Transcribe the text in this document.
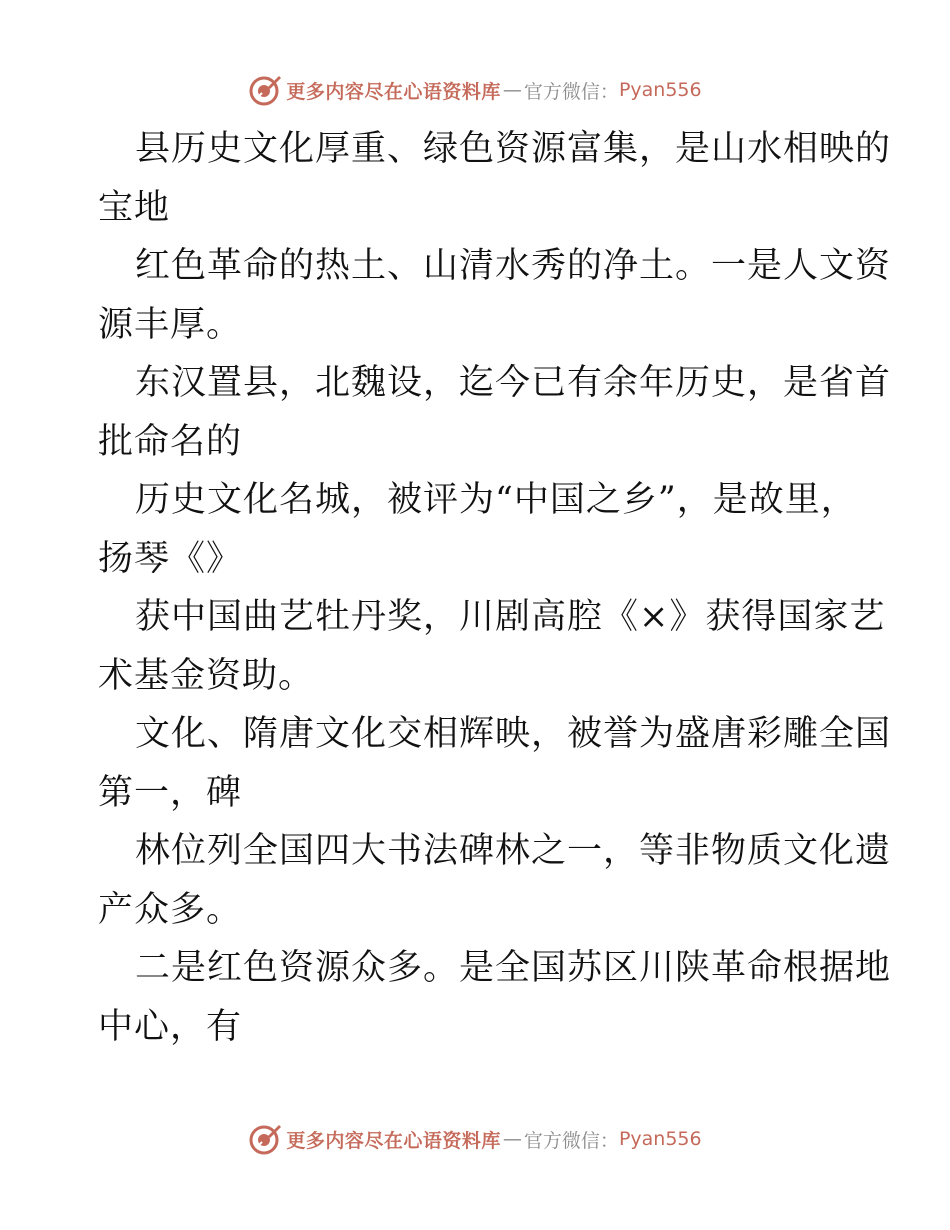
更多内容尽在心语资料库 — 官方微信： Pyan556

县历史文化厚重、绿色资源富集，是山水相映的
宝地

红色革命的热土、山清水秀的净土。一是人文资
源丰厚。

东汉置县，北魏设，迄今已有余年历史，是省首
批命名的

历史文化名城，被评为“中国之乡”，是故里，
扬琴《》

获中国曲艺牡丹奖，川剧高腔《×》获得国家艺
术基金资助。

文化、隋唐文化交相辉映，被誉为盛唐彩雕全国
第一，碑

林位列全国四大书法碑林之一，等非物质文化遗
产众多。

二是红色资源众多。是全国苏区川陕革命根据地
中心，有

更多内容尽在心语资料库 — 官方微信： Pyan556
